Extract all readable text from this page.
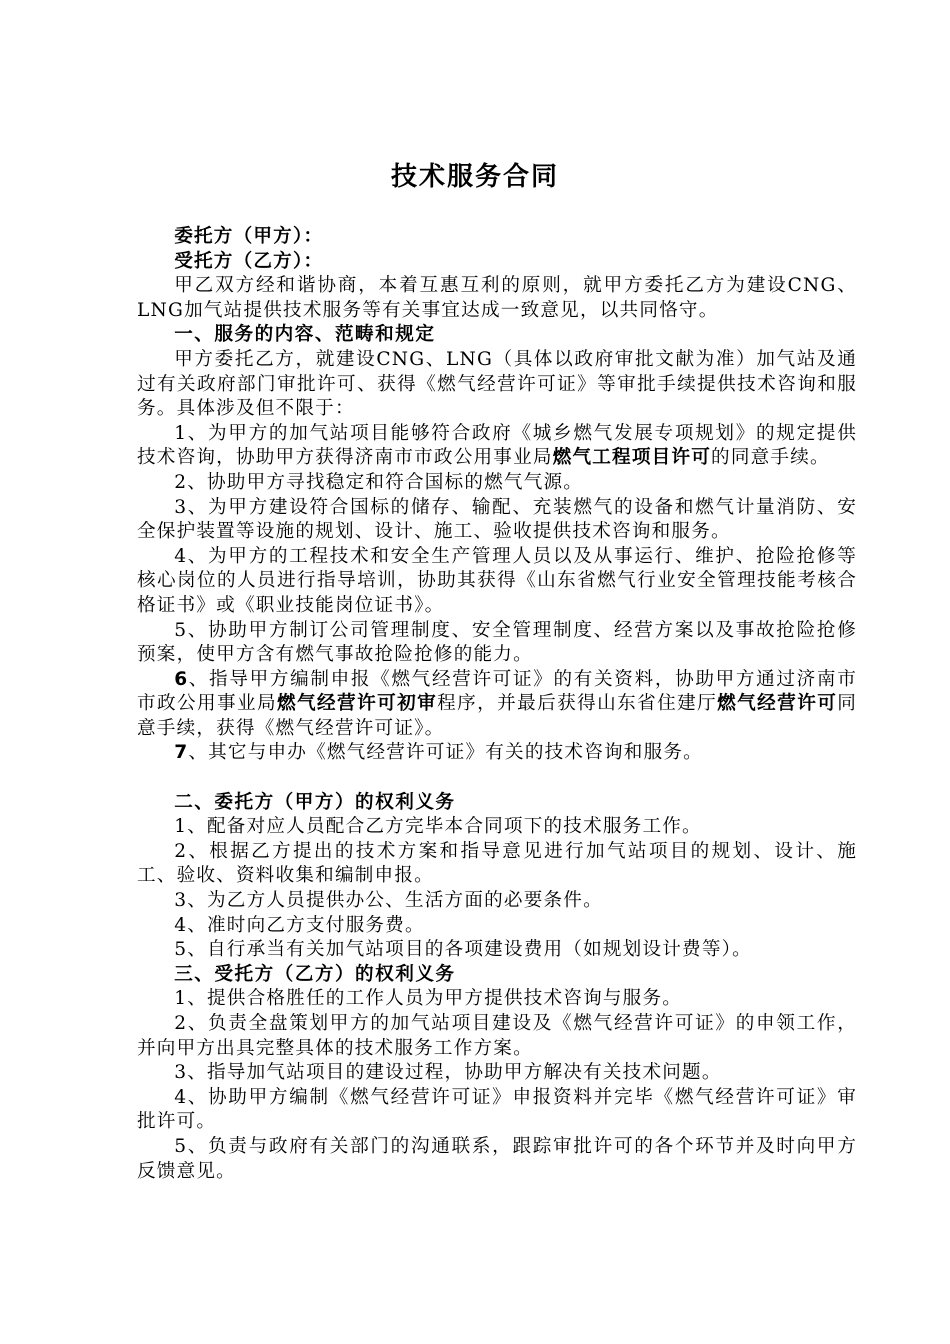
技术服务合同

委托方（甲方）：

受托方（乙方）：

甲乙双方经和谐协商，本着互惠互利的原则，就甲方委托乙方为建设CNG、LNG加气站提供技术服务等有关事宜达成一致意见，以共同恪守。

一、服务的内容、范畴和规定

甲方委托乙方，就建设CNG、LNG（具体以政府审批文献为准）加气站及通过有关政府部门审批许可、获得《燃气经营许可证》等审批手续提供技术咨询和服务。具体涉及但不限于：

1、为甲方的加气站项目能够符合政府《城乡燃气发展专项规划》的规定提供技术咨询，协助甲方获得济南市市政公用事业局燃气工程项目许可的同意手续。

2、协助甲方寻找稳定和符合国标的燃气气源。

3、为甲方建设符合国标的储存、输配、充装燃气的设备和燃气计量消防、安全保护装置等设施的规划、设计、施工、验收提供技术咨询和服务。

4、为甲方的工程技术和安全生产管理人员以及从事运行、维护、抢险抢修等核心岗位的人员进行指导培训，协助其获得《山东省燃气行业安全管理技能考核合格证书》或《职业技能岗位证书》。

5、协助甲方制订公司管理制度、安全管理制度、经营方案以及事故抢险抢修预案，使甲方含有燃气事故抢险抢修的能力。

6、指导甲方编制申报《燃气经营许可证》的有关资料，协助甲方通过济南市市政公用事业局燃气经营许可初审程序，并最后获得山东省住建厅燃气经营许可同意手续，获得《燃气经营许可证》。

7、其它与申办《燃气经营许可证》有关的技术咨询和服务。

二、委托方（甲方）的权利义务

1、配备对应人员配合乙方完毕本合同项下的技术服务工作。

2、根据乙方提出的技术方案和指导意见进行加气站项目的规划、设计、施工、验收、资料收集和编制申报。

3、为乙方人员提供办公、生活方面的必要条件。

4、准时向乙方支付服务费。

5、自行承当有关加气站项目的各项建设费用（如规划设计费等）。

三、受托方（乙方）的权利义务

1、提供合格胜任的工作人员为甲方提供技术咨询与服务。

2、负责全盘策划甲方的加气站项目建设及《燃气经营许可证》的申领工作，并向甲方出具完整具体的技术服务工作方案。

3、指导加气站项目的建设过程，协助甲方解决有关技术问题。

4、协助甲方编制《燃气经营许可证》申报资料并完毕《燃气经营许可证》审批许可。

5、负责与政府有关部门的沟通联系，跟踪审批许可的各个环节并及时向甲方反馈意见。
